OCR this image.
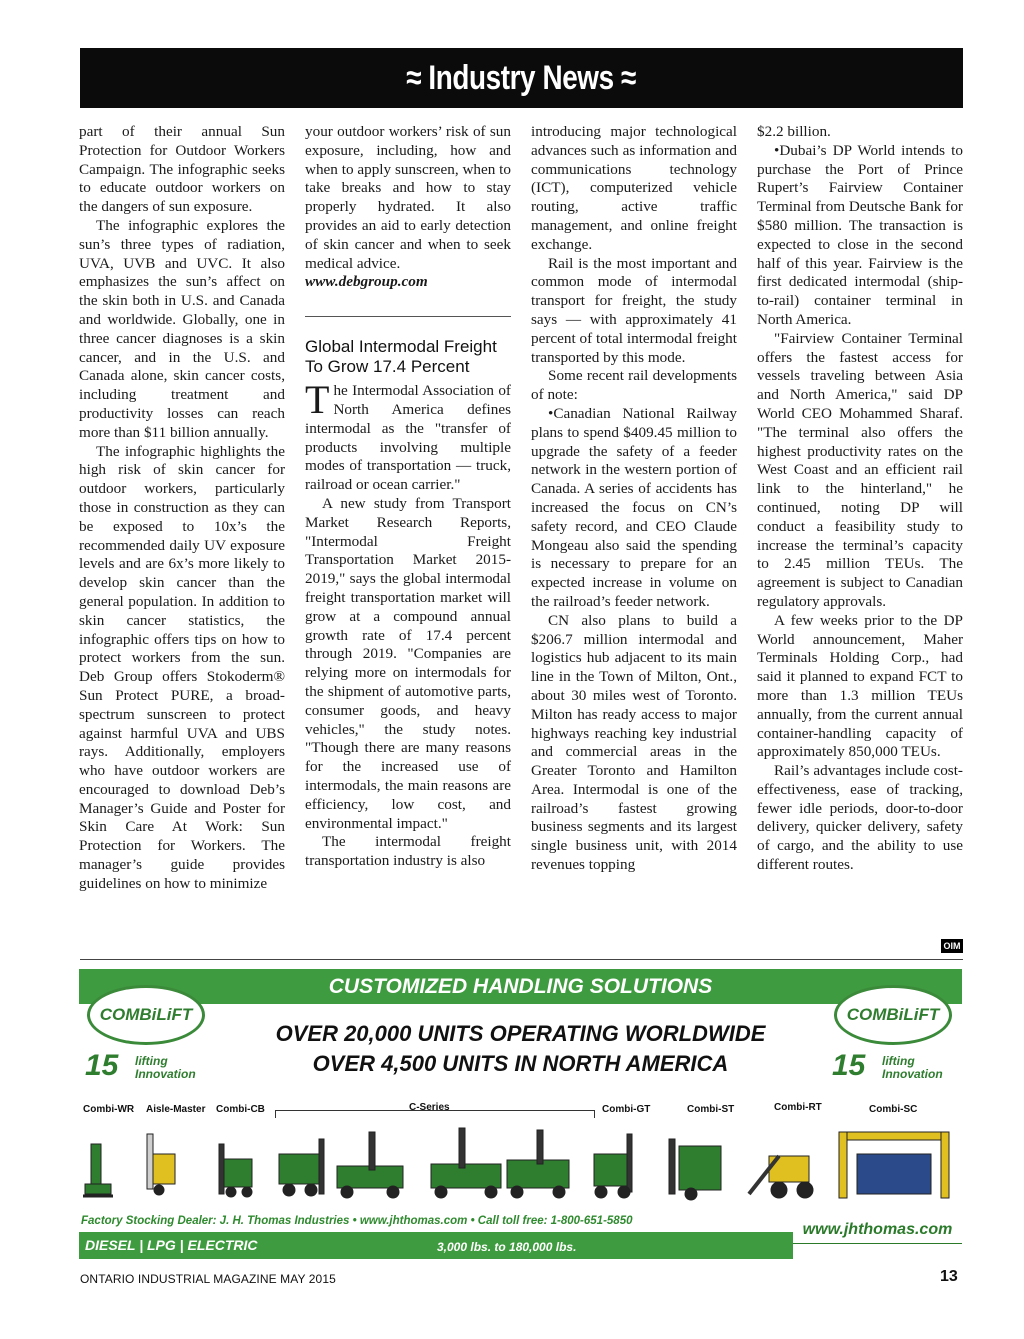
≈ Industry News ≈

part of their annual Sun Protection for Outdoor Workers Campaign. The infographic seeks to educate outdoor workers on the dangers of sun exposure.

The infographic explores the sun’s three types of radiation, UVA, UVB and UVC. It also emphasizes the sun’s affect on the skin both in U.S. and Canada and worldwide. Globally, one in three cancer diagnoses is a skin cancer, and in the U.S. and Canada alone, skin cancer costs, including treatment and productivity losses can reach more than $11 billion annually.

The infographic highlights the high risk of skin cancer for outdoor workers, particularly those in construction as they can be exposed to 10x’s the recommended daily UV exposure levels and are 6x’s more likely to develop skin cancer than the general population. In addition to skin cancer statistics, the infographic offers tips on how to protect workers from the sun. Deb Group offers Stokoderm® Sun Protect PURE, a broad-spectrum sunscreen to protect against harmful UVA and UBS rays. Additionally, employers who have outdoor workers are encouraged to download Deb’s Manager’s Guide and Poster for Skin Care At Work: Sun Protection for Workers. The manager’s guide provides guidelines on how to minimize

your outdoor workers’ risk of sun exposure, including, how and when to apply sunscreen, when to take breaks and how to stay properly hydrated. It also provides an aid to early detection of skin cancer and when to seek medical advice.

www.debgroup.com

Global Intermodal Freight To Grow 17.4 Percent

The Intermodal Association of North America defines intermodal as the "transfer of products involving multiple modes of transportation — truck, railroad or ocean carrier."

A new study from Transport Market Research Reports, "Intermodal Freight Transportation Market 2015-2019," says the global intermodal freight transportation market will grow at a compound annual growth rate of 17.4 percent through 2019. "Companies are relying more on intermodals for the shipment of automotive parts, consumer goods, and heavy vehicles," the study notes. "Though there are many reasons for the increased use of intermodals, the main reasons are efficiency, low cost, and environmental impact."

The intermodal freight transportation industry is also

introducing major technological advances such as information and communications technology (ICT), computerized vehicle routing, active traffic management, and online freight exchange.

Rail is the most important and common mode of intermodal transport for freight, the study says — with approximately 41 percent of total intermodal freight transported by this mode.

Some recent rail developments of note:

•Canadian National Railway plans to spend $409.45 million to upgrade the safety of a feeder network in the western portion of Canada. A series of accidents has increased the focus on CN’s safety record, and CEO Claude Mongeau also said the spending is necessary to prepare for an expected increase in volume on the railroad’s feeder network.

CN also plans to build a $206.7 million intermodal and logistics hub adjacent to its main line in the Town of Milton, Ont., about 30 miles west of Toronto. Milton has ready access to major highways reaching key industrial and commercial areas in the Greater Toronto and Hamilton Area. Intermodal is one of the railroad’s fastest growing business segments and its largest single business unit, with 2014 revenues topping

$2.2 billion.

•Dubai’s DP World intends to purchase the Port of Prince Rupert’s Fairview Container Terminal from Deutsche Bank for $580 million. The transaction is expected to close in the second half of this year. Fairview is the first dedicated intermodal (ship-to-rail) container terminal in North America.

"Fairview Container Terminal offers the fastest access for vessels traveling between Asia and North America," said DP World CEO Mohammed Sharaf. "The terminal also offers the highest productivity rates on the West Coast and an efficient rail link to the hinterland," he continued, noting DP will conduct a feasibility study to increase the terminal’s capacity to 2.45 million TEUs. The agreement is subject to Canadian regulatory approvals.

A few weeks prior to the DP World announcement, Maher Terminals Holding Corp., had said it planned to expand FCT to more than 1.3 million TEUs annually, from the current annual container-handling capacity of approximately 850,000 TEUs.

Rail’s advantages include cost-effectiveness, ease of tracking, fewer idle periods, door-to-door delivery, quicker delivery, safety of cargo, and the ability to use different routes.

OIM
CUSTOMIZED HANDLING SOLUTIONS
OVER 20,000 UNITS OPERATING WORLDWIDE
OVER 4,500 UNITS IN NORTH AMERICA
COMBiLiFT
15 lifting Innovation
COMBiLiFT
15 lifting Innovation
Combi-WR Aisle-Master Combi-CB	C-Series	Combi-GT	Combi-ST	Combi-RT	Combi-SC
Factory Stocking Dealer: J. H. Thomas Industries • www.jhthomas.com • Call toll free: 1-800-651-5850	www.jhthomas.com
DIESEL | LPG | ELECTRIC	3,000 lbs. to 180,000 lbs.
ONTARIO INDUSTRIAL MAGAZINE MAY 2015	13
